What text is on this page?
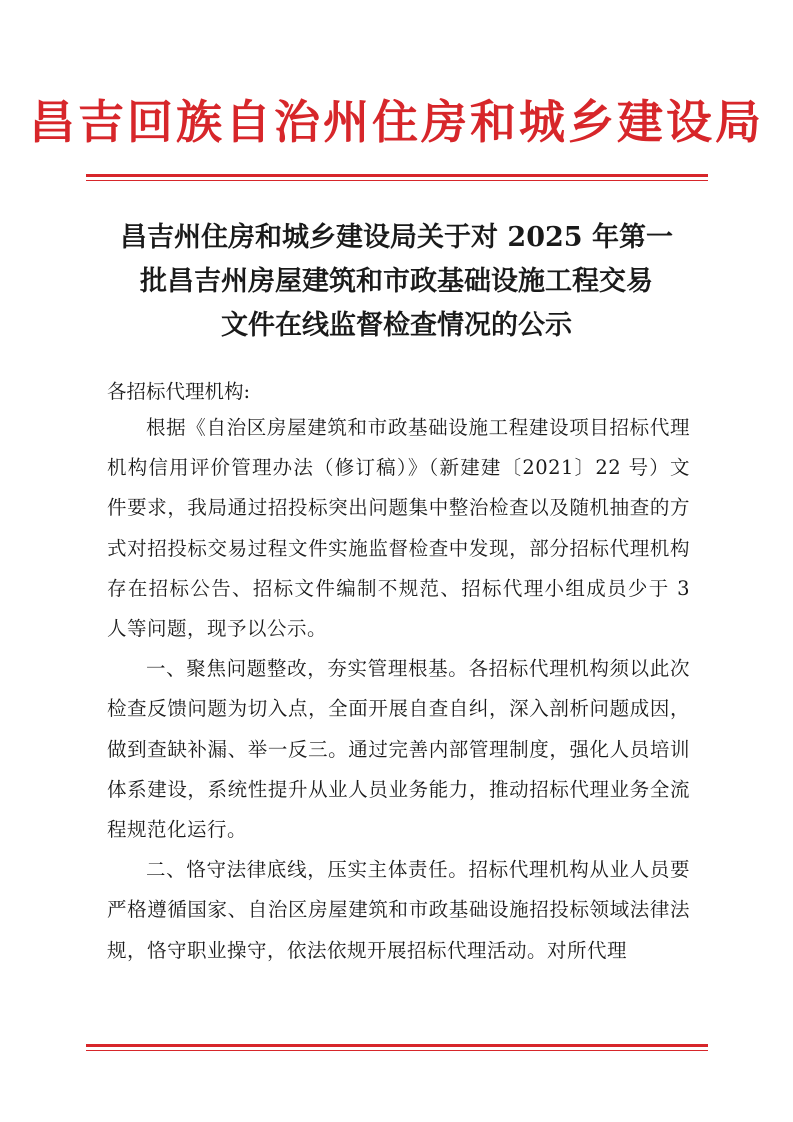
昌吉回族自治州住房和城乡建设局
昌吉州住房和城乡建设局关于对 2025 年第一
批昌吉州房屋建筑和市政基础设施工程交易
文件在线监督检查情况的公示
各招标代理机构:

根据《自治区房屋建筑和市政基础设施工程建设项目招标代理机构信用评价管理办法（修订稿）》（新建建〔2021〕22 号）文件要求，我局通过招投标突出问题集中整治检查以及随机抽查的方式对招投标交易过程文件实施监督检查中发现，部分招标代理机构存在招标公告、招标文件编制不规范、招标代理小组成员少于 3 人等问题，现予以公示。

一、聚焦问题整改，夯实管理根基。各招标代理机构须以此次检查反馈问题为切入点，全面开展自查自纠，深入剖析问题成因，做到查缺补漏、举一反三。通过完善内部管理制度，强化人员培训体系建设，系统性提升从业人员业务能力，推动招标代理业务全流程规范化运行。

二、恪守法律底线，压实主体责任。招标代理机构从业人员要严格遵循国家、自治区房屋建筑和市政基础设施招投标领域法律法规，恪守职业操守，依法依规开展招标代理活动。对所代理
